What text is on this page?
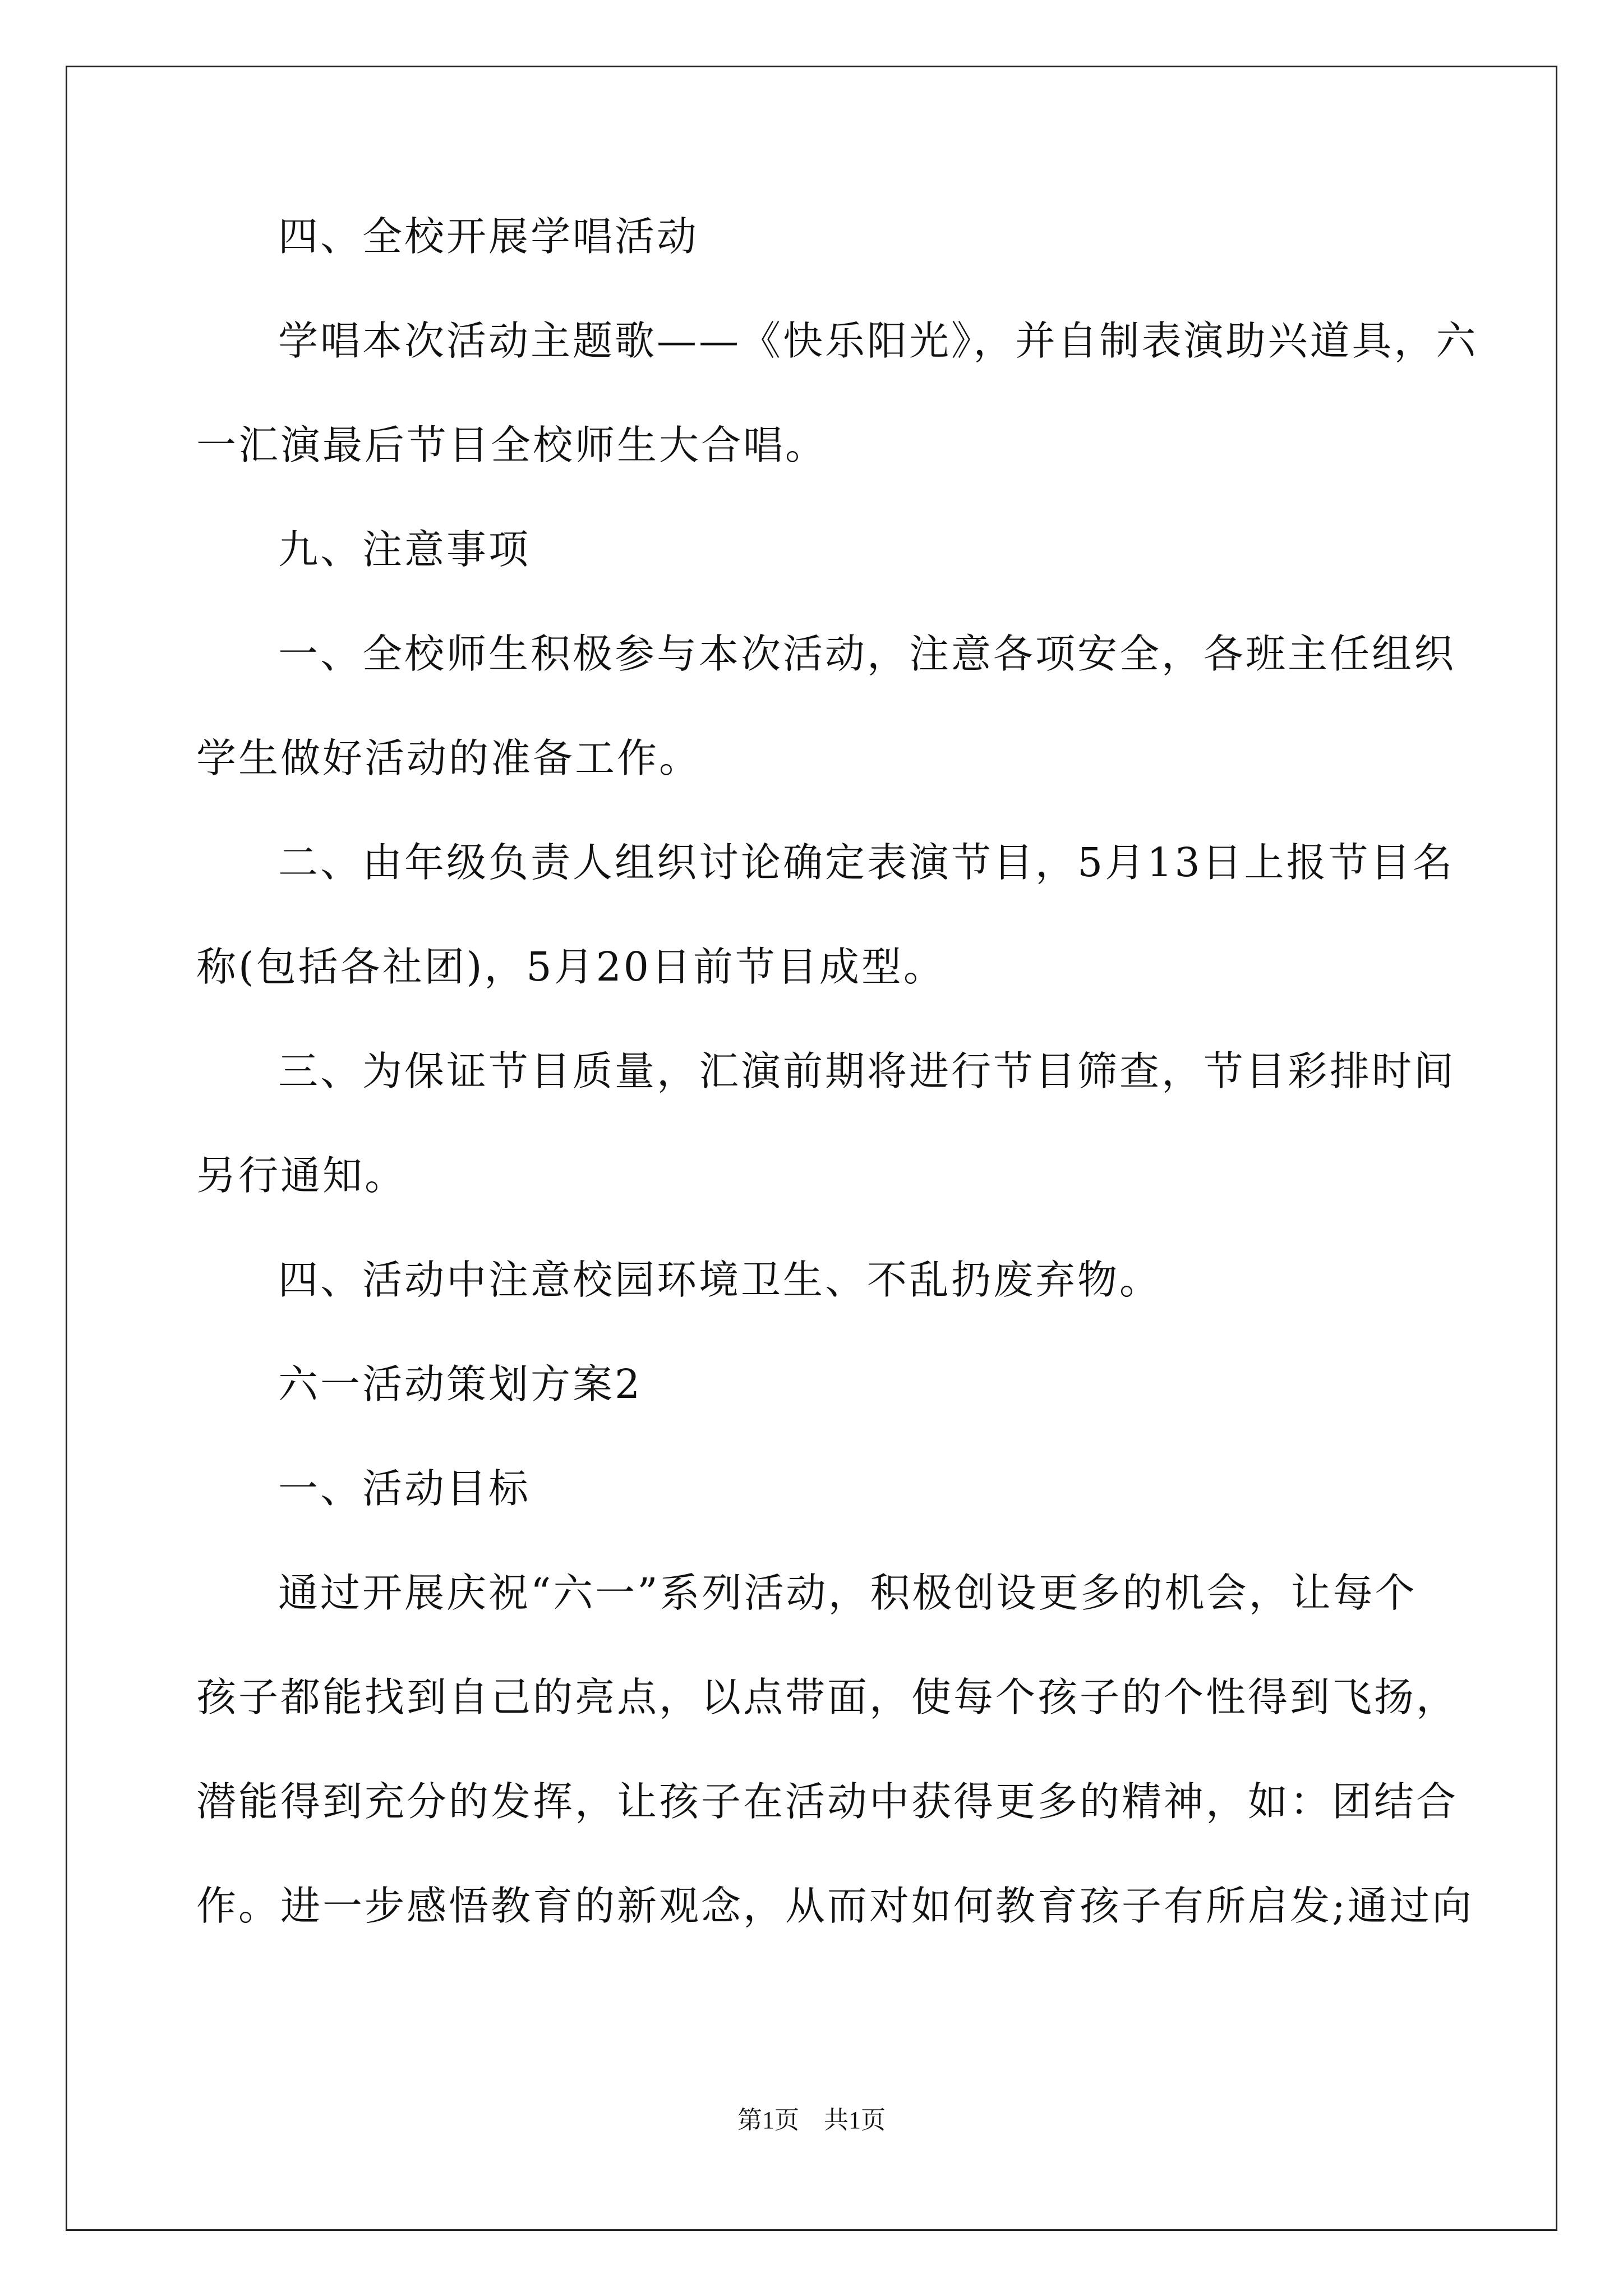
四、全校开展学唱活动
学唱本次活动主题歌——《快乐阳光》，并自制表演助兴道具，六
一汇演最后节目全校师生大合唱。
九、注意事项
一、全校师生积极参与本次活动，注意各项安全，各班主任组织
学生做好活动的准备工作。
二、由年级负责人组织讨论确定表演节目，5月13日上报节目名
称(包括各社团)，5月20日前节目成型。
三、为保证节目质量，汇演前期将进行节目筛查，节目彩排时间
另行通知。
四、活动中注意校园环境卫生、不乱扔废弃物。
六一活动策划方案2
一、活动目标
通过开展庆祝“六一”系列活动，积极创设更多的机会，让每个
孩子都能找到自己的亮点，以点带面，使每个孩子的个性得到飞扬，
潜能得到充分的发挥，让孩子在活动中获得更多的精神，如：团结合
作。进一步感悟教育的新观念，从而对如何教育孩子有所启发;通过向
第1页　共1页
